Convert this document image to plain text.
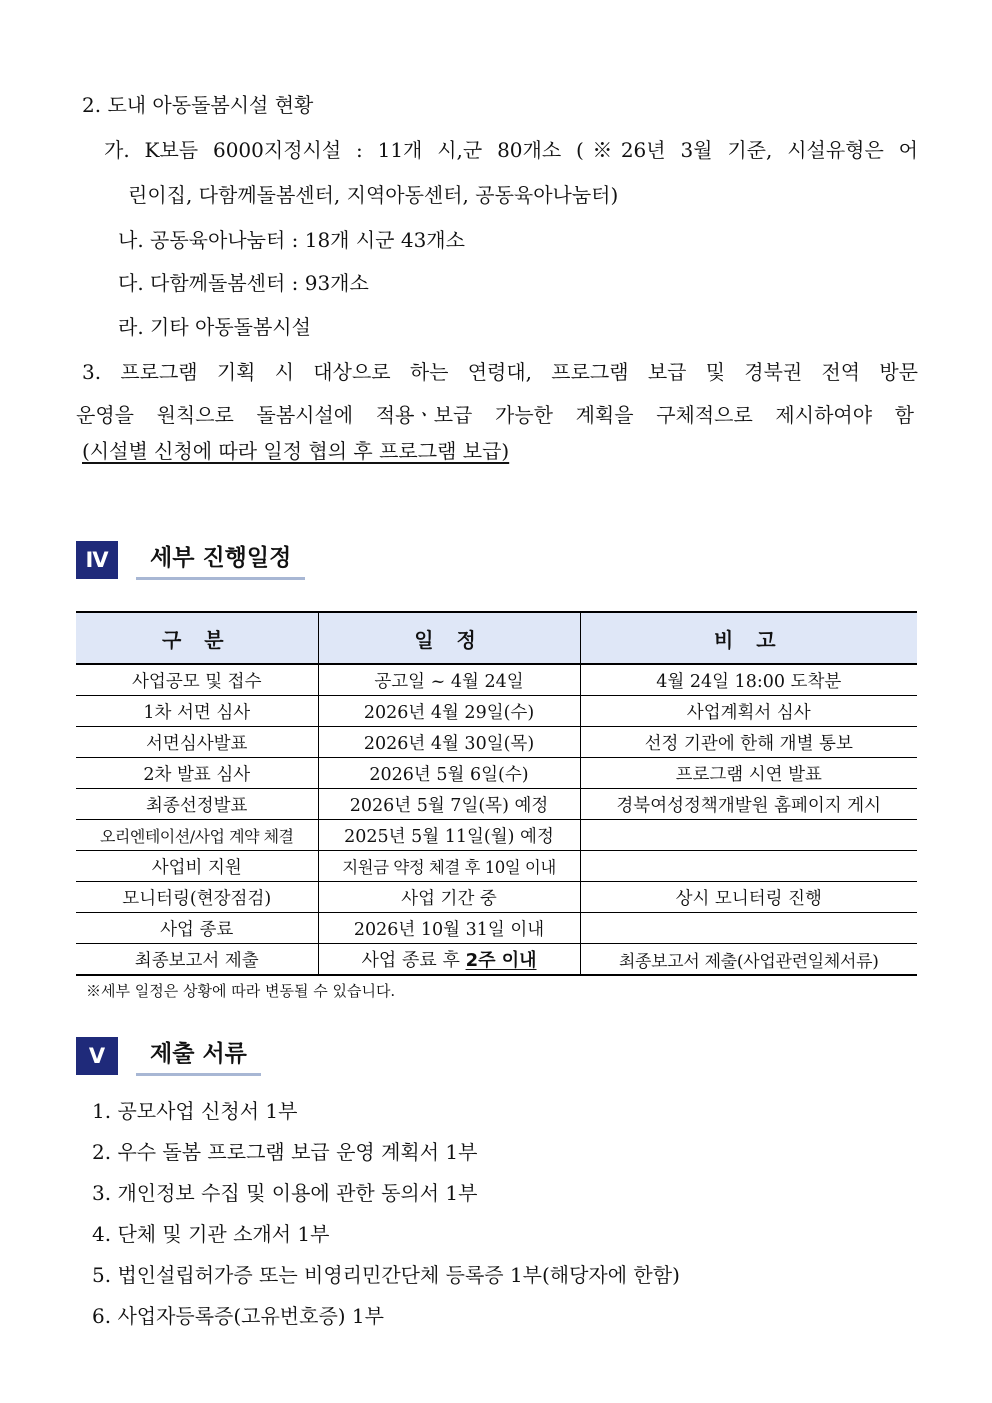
2. 도내 아동돌봄시설 현황
가. K보듬 6000지정시설 : 11개 시,군 80개소 (※26년 3월 기준, 시설유형은 어
린이집, 다함께돌봄센터, 지역아동센터, 공동육아나눔터)
나. 공동육아나눔터 : 18개 시군 43개소
다. 다함께돌봄센터 : 93개소
라. 기타 아동돌봄시설
3. 프로그램 기획 시 대상으로 하는 연령대, 프로그램 보급 및 경북권 전역 방문
운영을 원칙으로 돌봄시설에 적용ㆍ보급 가능한 계획을 구체적으로 제시하여야 함
(시설별 신청에 따라 일정 협의 후 프로그램 보급)
Ⅳ	세부 진행일정
구 분	일 정	비 고
사업공모 및 접수	공고일 ~ 4월 24일	4월 24일 18:00 도착분
1차 서면 심사	2026년 4월 29일(수)	사업계획서 심사
서면심사발표	2026년 4월 30일(목)	선정 기관에 한해 개별 통보
2차 발표 심사	2026년 5월 6일(수)	프로그램 시연 발표
최종선정발표	2026년 5월 7일(목) 예정	경북여성정책개발원 홈페이지 게시
오리엔테이션/사업 계약 체결	2025년 5월 11일(월) 예정	
사업비 지원	지원금 약정 체결 후 10일 이내	
모니터링(현장점검)	사업 기간 중	상시 모니터링 진행
사업 종료	2026년 10월 31일 이내	
최종보고서 제출	사업 종료 후 2주 이내	최종보고서 제출(사업관련일체서류)
※세부 일정은 상황에 따라 변동될 수 있습니다.
Ⅴ	제출 서류
1. 공모사업 신청서 1부
2. 우수 돌봄 프로그램 보급 운영 계획서 1부
3. 개인정보 수집 및 이용에 관한 동의서 1부
4. 단체 및 기관 소개서 1부
5. 법인설립허가증 또는 비영리민간단체 등록증 1부(해당자에 한함)
6. 사업자등록증(고유번호증) 1부
